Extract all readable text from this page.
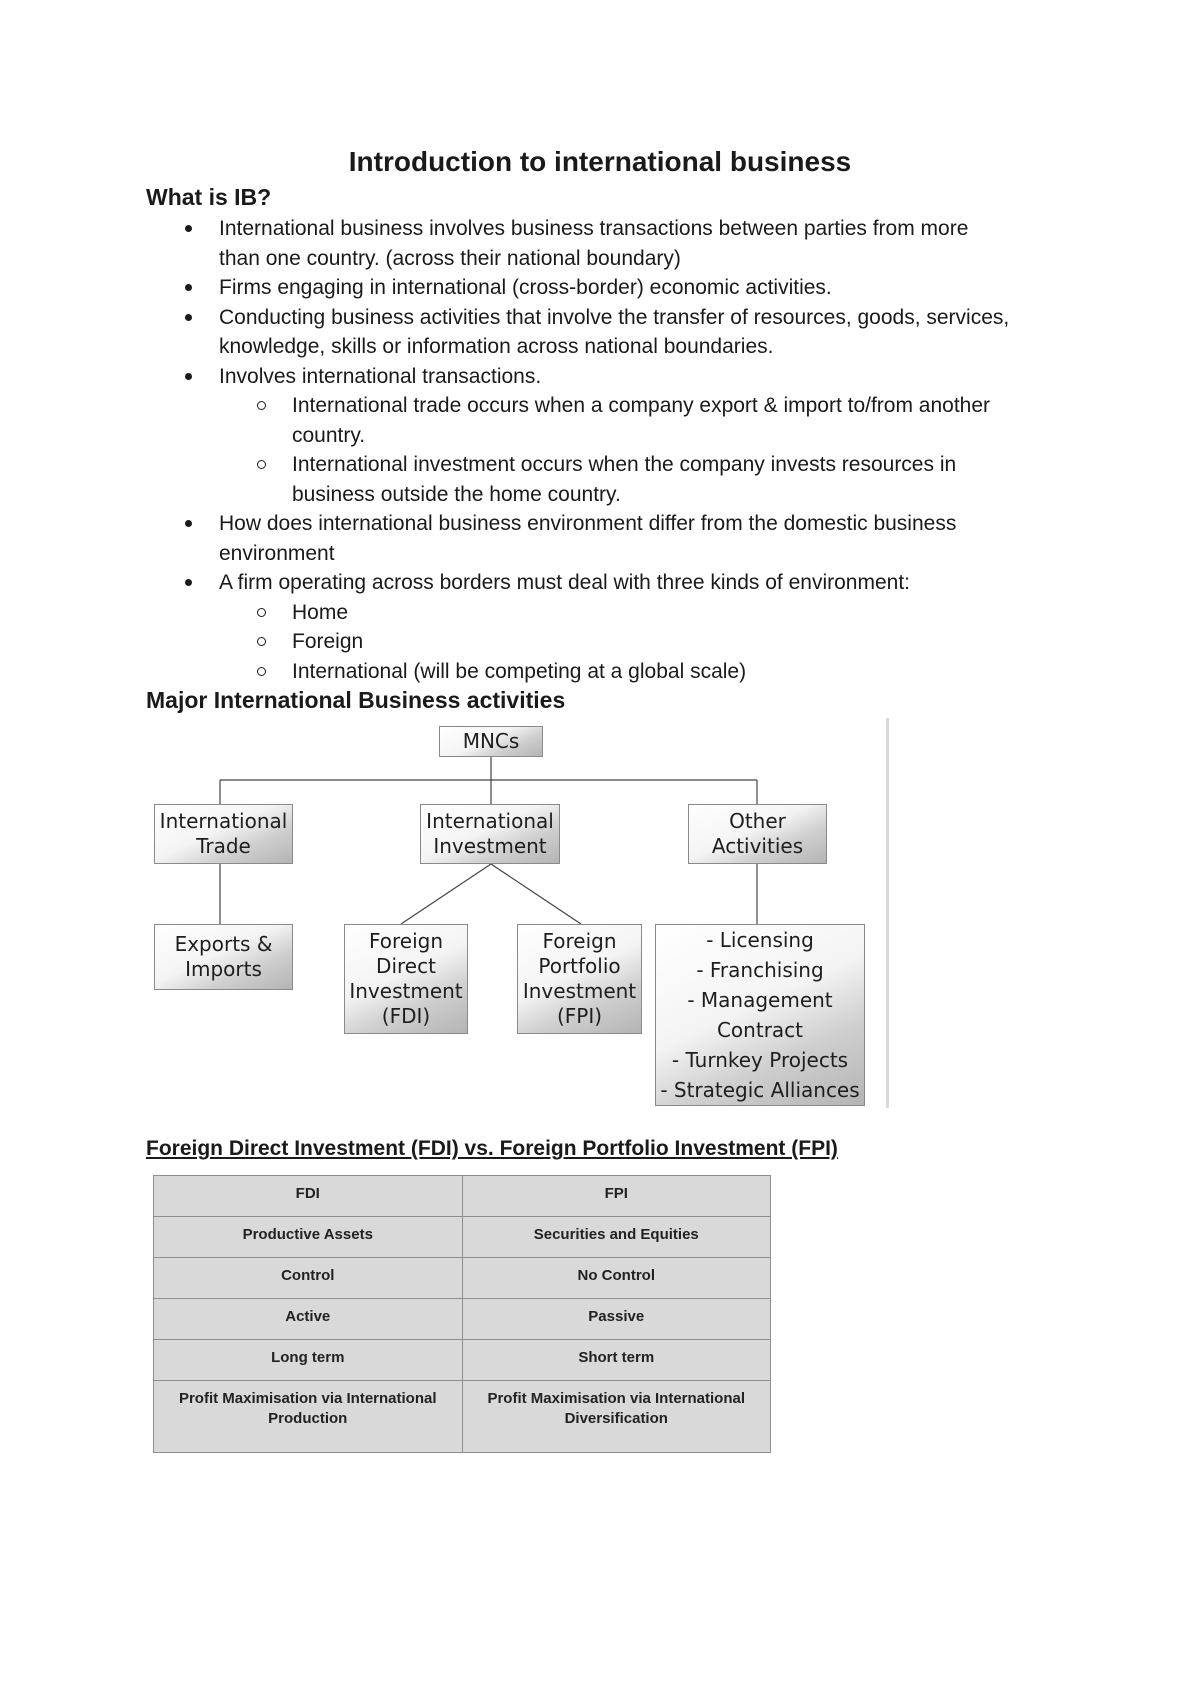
Introduction to international business
What is IB?
International business involves business transactions between parties from more
than one country. (across their national boundary)
Firms engaging in international (cross-border) economic activities.
Conducting business activities that involve the transfer of resources, goods, services,
knowledge, skills or information across national boundaries.
Involves international transactions.
International trade occurs when a company export & import to/from another
country.
International investment occurs when the company invests resources in
business outside the home country.
How does international business environment differ from the domestic business
environment
A firm operating across borders must deal with three kinds of environment:
Home
Foreign
International (will be competing at a global scale)
Major International Business activities
MNCs
International
Trade
International
Investment
Other
Activities
Exports &
Imports
Foreign
Direct
Investment
(FDI)
Foreign
Portfolio
Investment
(FPI)
- Licensing
- Franchising
- Management
Contract
- Turnkey Projects
- Strategic Alliances
Foreign Direct Investment (FDI) vs. Foreign Portfolio Investment (FPI)
FDI	FPI
Productive Assets	Securities and Equities
Control	No Control
Active	Passive
Long term	Short term
Profit Maximisation via International Production	Profit Maximisation via International Diversification
